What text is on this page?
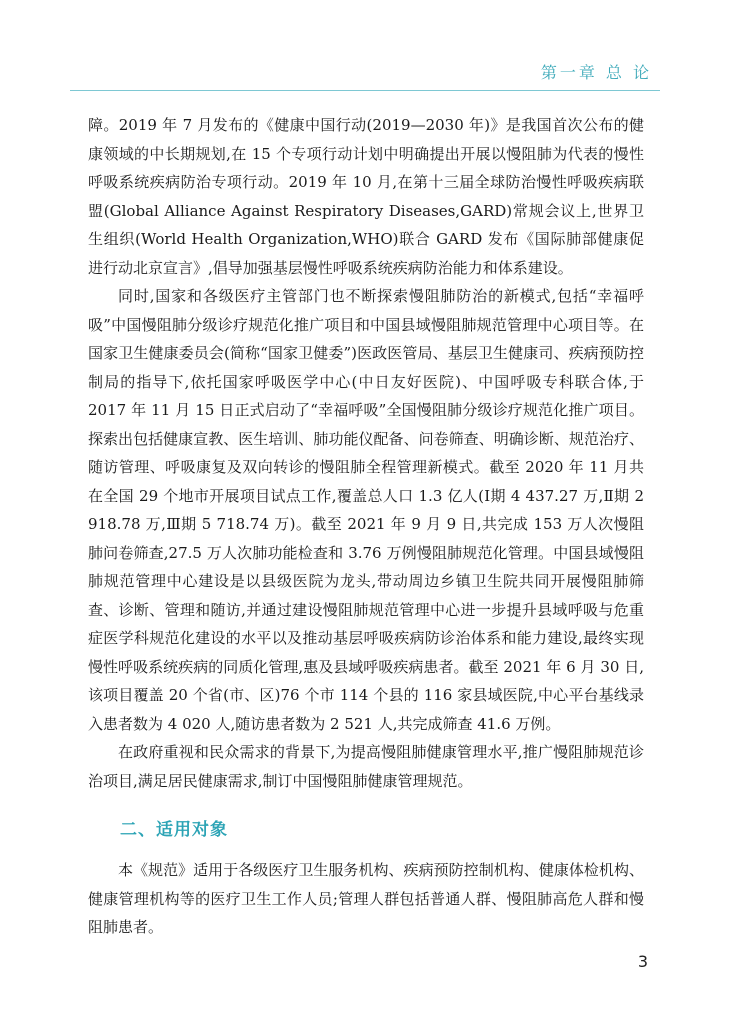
第一章 总 论

障。2019 年 7 月发布的《健康中国行动(2019—2030 年)》是我国首次公布的健康领域的中长期规划,在 15 个专项行动计划中明确提出开展以慢阻肺为代表的慢性呼吸系统疾病防治专项行动。2019 年 10 月,在第十三届全球防治慢性呼吸疾病联盟(Global Alliance Against Respiratory Diseases,GARD)常规会议上,世界卫生组织(World Health Organization,WHO)联合 GARD 发布《国际肺部健康促进行动北京宣言》,倡导加强基层慢性呼吸系统疾病防治能力和体系建设。

同时,国家和各级医疗主管部门也不断探索慢阻肺防治的新模式,包括“幸福呼吸”中国慢阻肺分级诊疗规范化推广项目和中国县域慢阻肺规范管理中心项目等。在国家卫生健康委员会(简称“国家卫健委”)医政医管局、基层卫生健康司、疾病预防控制局的指导下,依托国家呼吸医学中心(中日友好医院)、中国呼吸专科联合体,于 2017 年 11 月 15 日正式启动了“幸福呼吸”全国慢阻肺分级诊疗规范化推广项目。探索出包括健康宣教、医生培训、肺功能仪配备、问卷筛查、明确诊断、规范治疗、随访管理、呼吸康复及双向转诊的慢阻肺全程管理新模式。截至 2020 年 11 月共在全国 29 个地市开展项目试点工作,覆盖总人口 1.3 亿人(Ⅰ期 4 437.27 万,Ⅱ期 2 918.78 万,Ⅲ期 5 718.74 万)。截至 2021 年 9 月 9 日,共完成 153 万人次慢阻肺问卷筛查,27.5 万人次肺功能检查和 3.76 万例慢阻肺规范化管理。中国县域慢阻肺规范管理中心建设是以县级医院为龙头,带动周边乡镇卫生院共同开展慢阻肺筛查、诊断、管理和随访,并通过建设慢阻肺规范管理中心进一步提升县域呼吸与危重症医学科规范化建设的水平以及推动基层呼吸疾病防诊治体系和能力建设,最终实现慢性呼吸系统疾病的同质化管理,惠及县域呼吸疾病患者。截至 2021 年 6 月 30 日,该项目覆盖 20 个省(市、区)76 个市 114 个县的 116 家县域医院,中心平台基线录入患者数为 4 020 人,随访患者数为 2 521 人,共完成筛查 41.6 万例。

在政府重视和民众需求的背景下,为提高慢阻肺健康管理水平,推广慢阻肺规范诊治项目,满足居民健康需求,制订中国慢阻肺健康管理规范。

二、适用对象

本《规范》适用于各级医疗卫生服务机构、疾病预防控制机构、健康体检机构、健康管理机构等的医疗卫生工作人员;管理人群包括普通人群、慢阻肺高危人群和慢阻肺患者。

3
